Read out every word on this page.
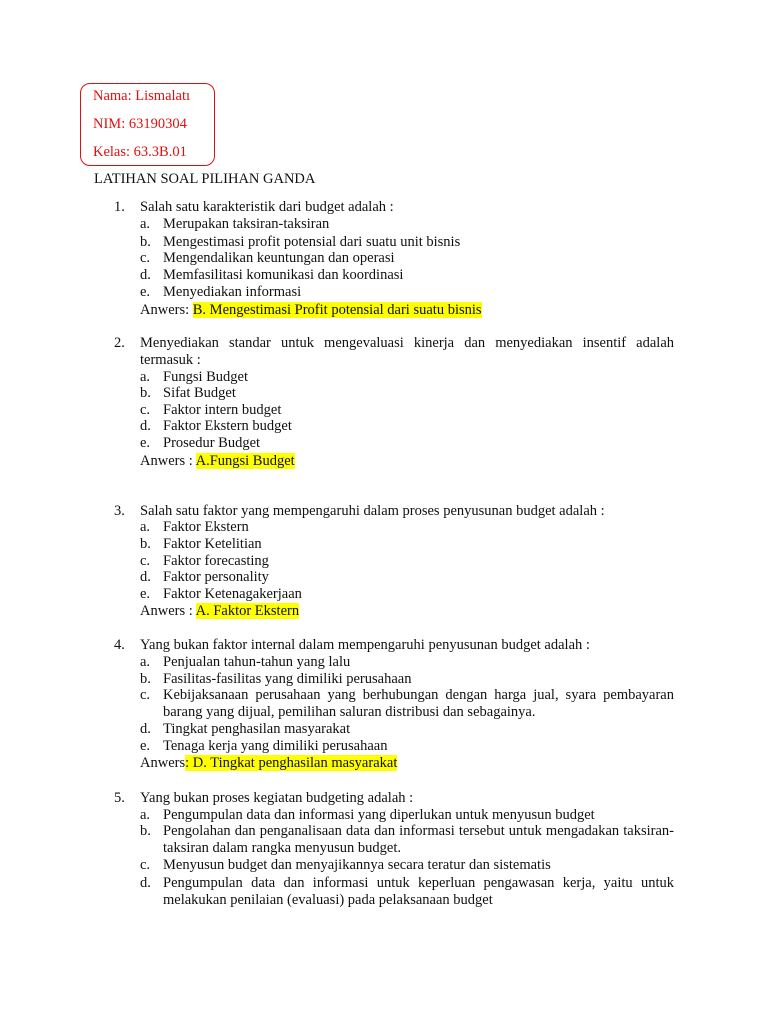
Nama: Lismalatı
NIM: 63190304
Kelas: 63.3B.01
LATIHAN SOAL PILIHAN GANDA
1. Salah satu karakteristik dari budget adalah :
a. Merupakan taksiran-taksiran
b. Mengestimasi profit potensial dari suatu unit bisnis
c. Mengendalikan keuntungan dan operasi
d. Memfasilitasi komunikasi dan koordinasi
e. Menyediakan informasi
Anwers: B. Mengestimasi Profit potensial dari suatu bisnis
2. Menyediakan standar untuk mengevaluasi kinerja dan menyediakan insentif adalah termasuk :
a. Fungsi Budget
b. Sifat Budget
c. Faktor intern budget
d. Faktor Ekstern budget
e. Prosedur Budget
Anwers : A.Fungsi Budget
3. Salah satu faktor yang mempengaruhi dalam proses penyusunan budget adalah :
a. Faktor Ekstern
b. Faktor Ketelitian
c. Faktor forecasting
d. Faktor personality
e. Faktor Ketenagakerjaan
Anwers : A. Faktor Ekstern
4. Yang bukan faktor internal dalam mempengaruhi penyusunan budget adalah :
a. Penjualan tahun-tahun yang lalu
b. Fasilitas-fasilitas yang dimiliki perusahaan
c. Kebijaksanaan perusahaan yang berhubungan dengan harga jual, syara pembayaran barang yang dijual, pemilihan saluran distribusi dan sebagainya.
d. Tingkat penghasilan masyarakat
e. Tenaga kerja yang dimiliki perusahaan
Anwers: D. Tingkat penghasilan masyarakat
5. Yang bukan proses kegiatan budgeting adalah :
a. Pengumpulan data dan informasi yang diperlukan untuk menyusun budget
b. Pengolahan dan penganalisaan data dan informasi tersebut untuk mengadakan taksiran-taksiran dalam rangka menyusun budget.
c. Menyusun budget dan menyajikannya secara teratur dan sistematis
d. Pengumpulan data dan informasi untuk keperluan pengawasan kerja, yaitu untuk melakukan penilaian (evaluasi) pada pelaksanaan budget
